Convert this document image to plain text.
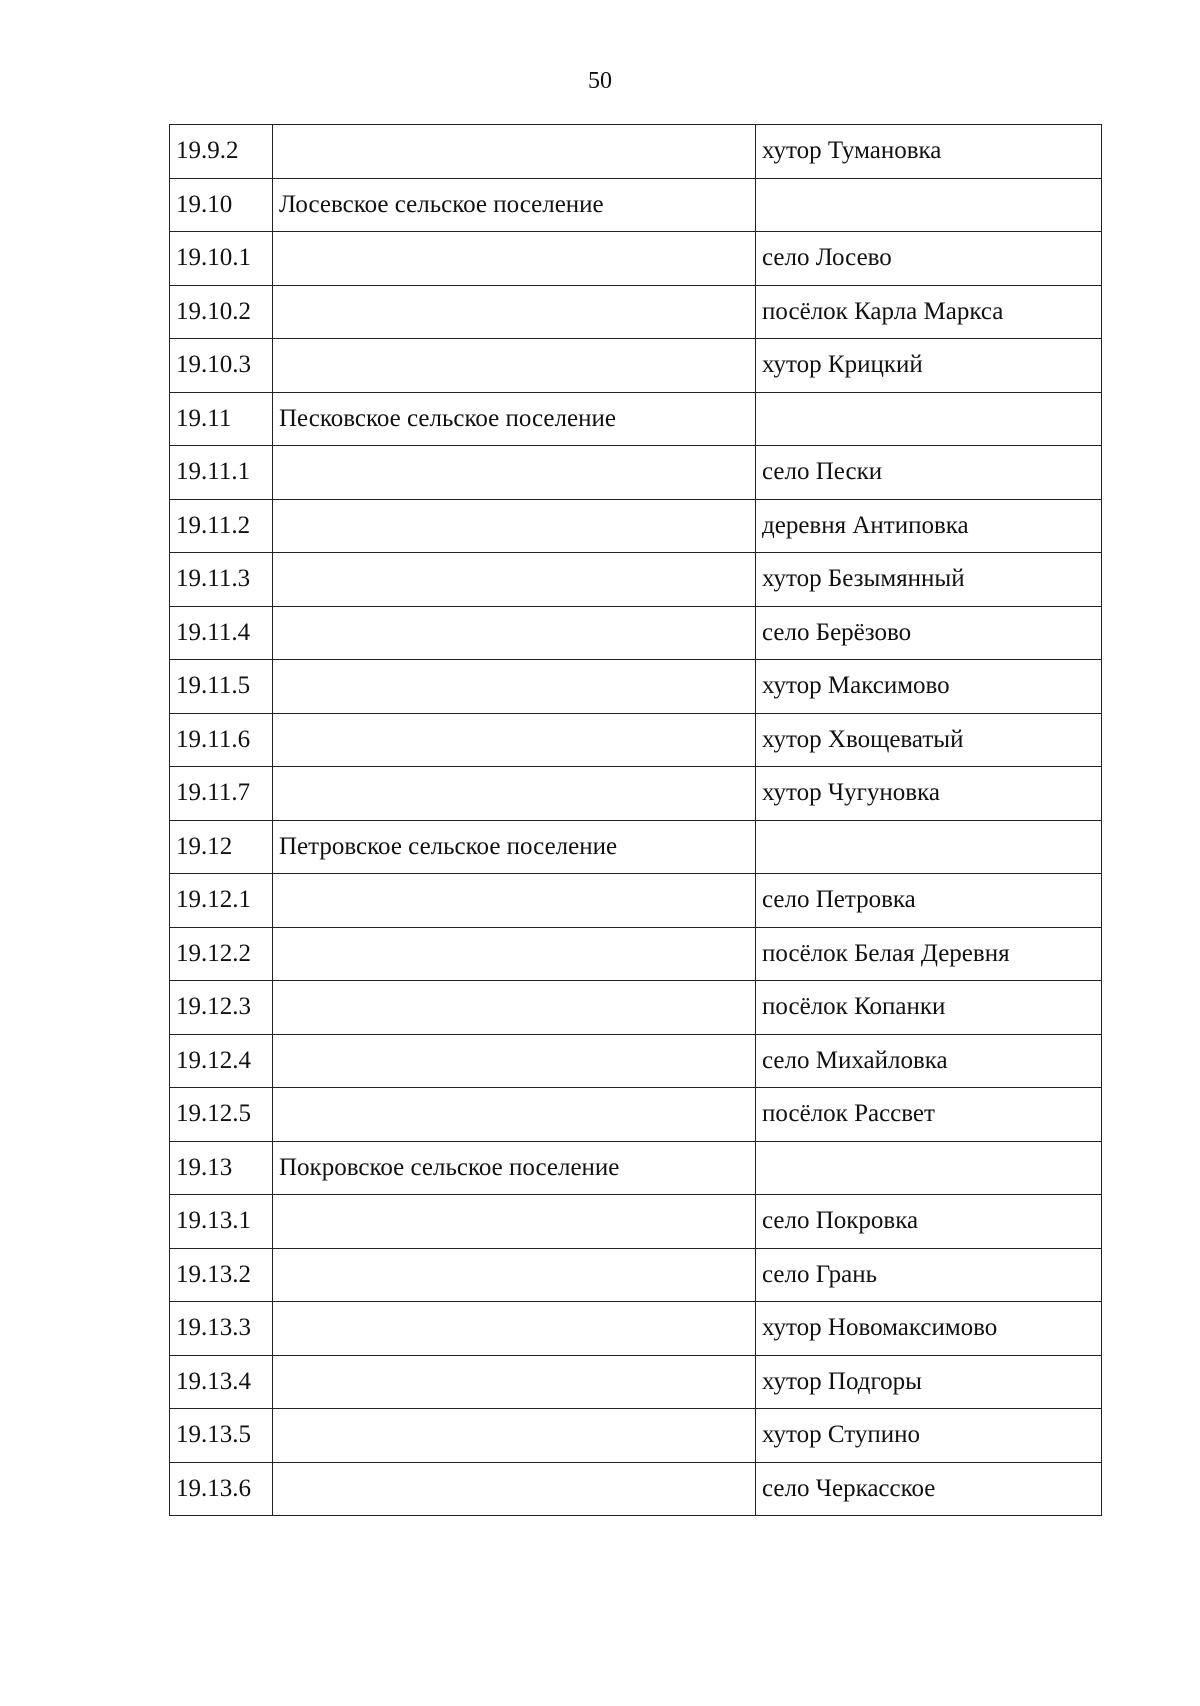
50
19.9.2		хутор Тумановка
19.10	Лосевское сельское поселение	
19.10.1		село Лосево
19.10.2		посёлок Карла Маркса
19.10.3		хутор Крицкий
19.11	Песковское сельское поселение	
19.11.1		село Пески
19.11.2		деревня Антиповка
19.11.3		хутор Безымянный
19.11.4		село Берёзово
19.11.5		хутор Максимово
19.11.6		хутор Хвощеватый
19.11.7		хутор Чугуновка
19.12	Петровское сельское поселение	
19.12.1		село Петровка
19.12.2		посёлок Белая Деревня
19.12.3		посёлок Копанки
19.12.4		село Михайловка
19.12.5		посёлок Рассвет
19.13	Покровское сельское поселение	
19.13.1		село Покровка
19.13.2		село Грань
19.13.3		хутор Новомаксимово
19.13.4		хутор Подгоры
19.13.5		хутор Ступино
19.13.6		село Черкасское
